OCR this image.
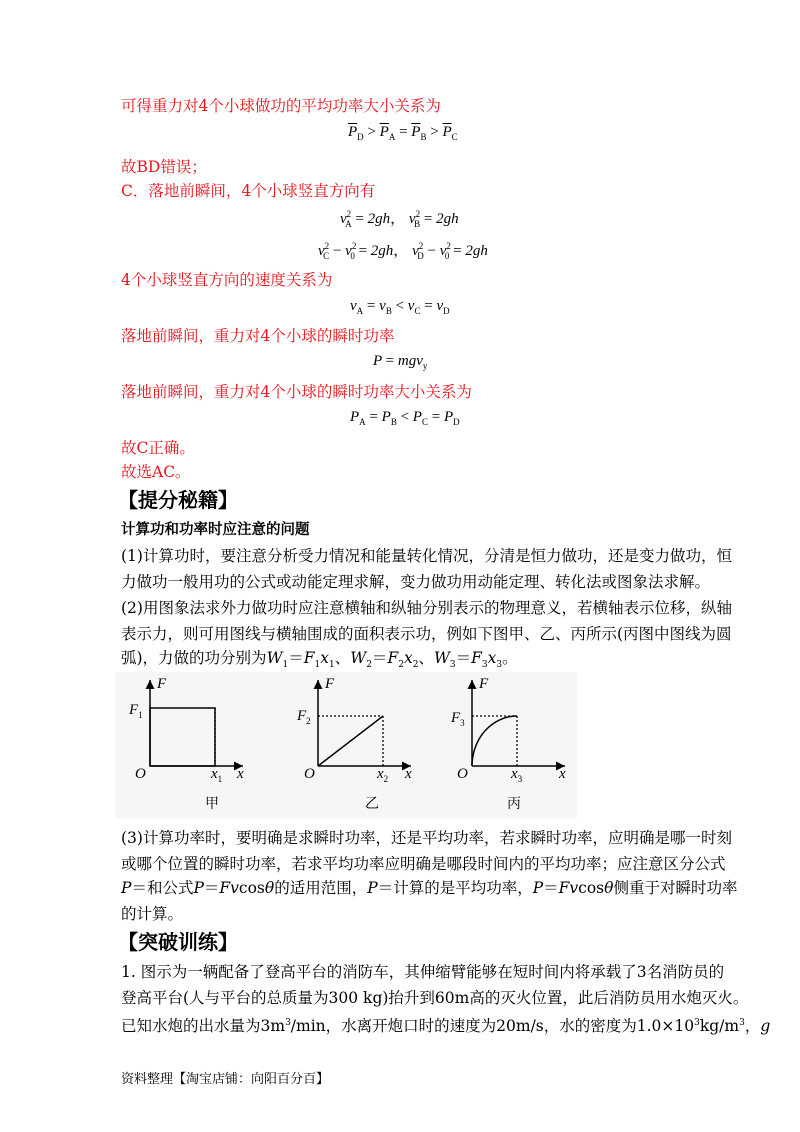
可得重力对4个小球做功的平均功率大小关系为
$\overline{P}_D > \overline{P}_A = \overline{P}_B > \overline{P}_C$
故BD错误；
C．落地前瞬间，4个小球竖直方向有
$v^2_A = 2gh$， $v^2_B = 2gh$
$v^2_C - v^2_0 = 2gh$， $v^2_D - v^2_0 = 2gh$
4个小球竖直方向的速度关系为
$v_A = v_B < v_C = v_D$
落地前瞬间，重力对4个小球的瞬时功率
P = mgv$_y$
落地前瞬间，重力对4个小球的瞬时功率大小关系为
$P_A = P_B < P_C = P_D$
故C正确。
故选AC。
【提分秘籍】
计算功和功率时应注意的问题
(1)计算功时，要注意分析受力情况和能量转化情况，分清是恒力做功，还是变力做功，恒
力做功一般用功的公式或动能定理求解，变力做功用动能定理、转化法或图象法求解。
(2)用图象法求外力做功时应注意横轴和纵轴分别表示的物理意义，若横轴表示位移，纵轴
表示力，则可用图线与横轴围成的面积表示功，例如下图甲、乙、丙所示(丙图中图线为圆
弧)，力做的功分别为$W_1=F_1x_1$、$W_2=F_2x_2$、$W_3=F_3x_3$。
F
$F_1$
O	$x_1$ x
F
$F_2$
O	$x_2$ x
F
$F_3$
O	$x_3$ x
甲	乙	丙
(3)计算功率时，要明确是求瞬时功率，还是平均功率，若求瞬时功率，应明确是哪一时刻
或哪个位置的瞬时功率，若求平均功率应明确是哪段时间内的平均功率；应注意区分公式
P＝和公式P＝Fvcosθ的适用范围，P＝计算的是平均功率，P＝Fvcosθ侧重于对瞬时功率
的计算。
【突破训练】
1. 图示为一辆配备了登高平台的消防车，其伸缩臂能够在短时间内将承载了3名消防员的
登高平台(人与平台的总质量为300 kg)抬升到60m高的灭火位置，此后消防员用水炮灭火。
已知水炮的出水量为$3m^3/\min$，水离开炮口时的速度为20m/s，水的密度为$1.0\times 10^3kg/m^3$，g
资料整理【淘宝店铺：向阳百分百】
